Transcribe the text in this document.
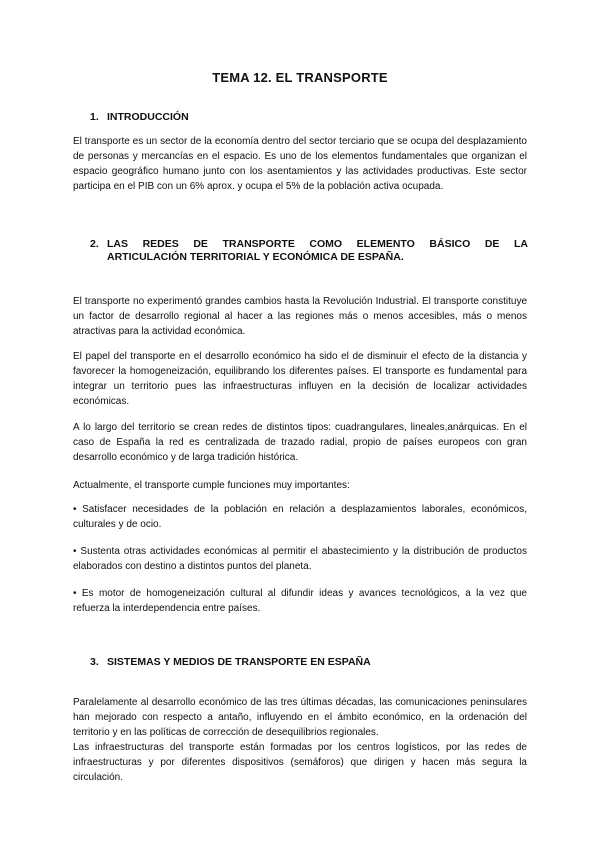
TEMA 12. EL TRANSPORTE
1. INTRODUCCIÓN

El transporte es un sector de la economía dentro del sector terciario que se ocupa del desplazamiento de personas y mercancías en el espacio. Es uno de los elementos fundamentales que organizan el espacio geográfico humano junto con los asentamientos y las actividades productivas. Este sector participa en el PIB con un 6% aprox. y ocupa el 5% de la población activa ocupada.

2. LAS REDES DE TRANSPORTE COMO ELEMENTO BÁSICO DE LA
ARTICULACIÓN TERRITORIAL Y ECONÓMICA DE ESPAÑA.

El transporte no experimentó grandes cambios hasta la Revolución Industrial. El transporte constituye un factor de desarrollo regional al hacer a las regiones más o menos accesibles, más o menos atractivas para la actividad económica.

El papel del transporte en el desarrollo económico ha sido el de disminuir el efecto de la distancia y favorecer la homogeneización, equilibrando los diferentes países. El transporte es fundamental para integrar un territorio pues las infraestructuras influyen en la decisión de localizar actividades económicas.

A lo largo del territorio se crean redes de distintos tipos: cuadrangulares, lineales,anárquicas. En el caso de España la red es centralizada de trazado radial, propio de países europeos con gran desarrollo económico y de larga tradición histórica.

Actualmente, el transporte cumple funciones muy importantes:

• Satisfacer necesidades de la población en relación a desplazamientos laborales, económicos, culturales y de ocio.

• Sustenta otras actividades económicas al permitir el abastecimiento y la distribución de productos elaborados con destino a distintos puntos del planeta.

• Es motor de homogeneización cultural al difundir ideas y avances tecnológicos, a la vez que refuerza la interdependencia entre países.

3. SISTEMAS Y MEDIOS DE TRANSPORTE EN ESPAÑA

Paralelamente al desarrollo económico de las tres últimas décadas, las comunicaciones peninsulares han mejorado con respecto a antaño, influyendo en el ámbito económico, en la ordenación del territorio y en las políticas de corrección de desequilibrios regionales.

Las infraestructuras del transporte están formadas por los centros logísticos, por las redes de infraestructuras y por diferentes dispositivos (semáforos) que dirigen y hacen más segura la circulación.
